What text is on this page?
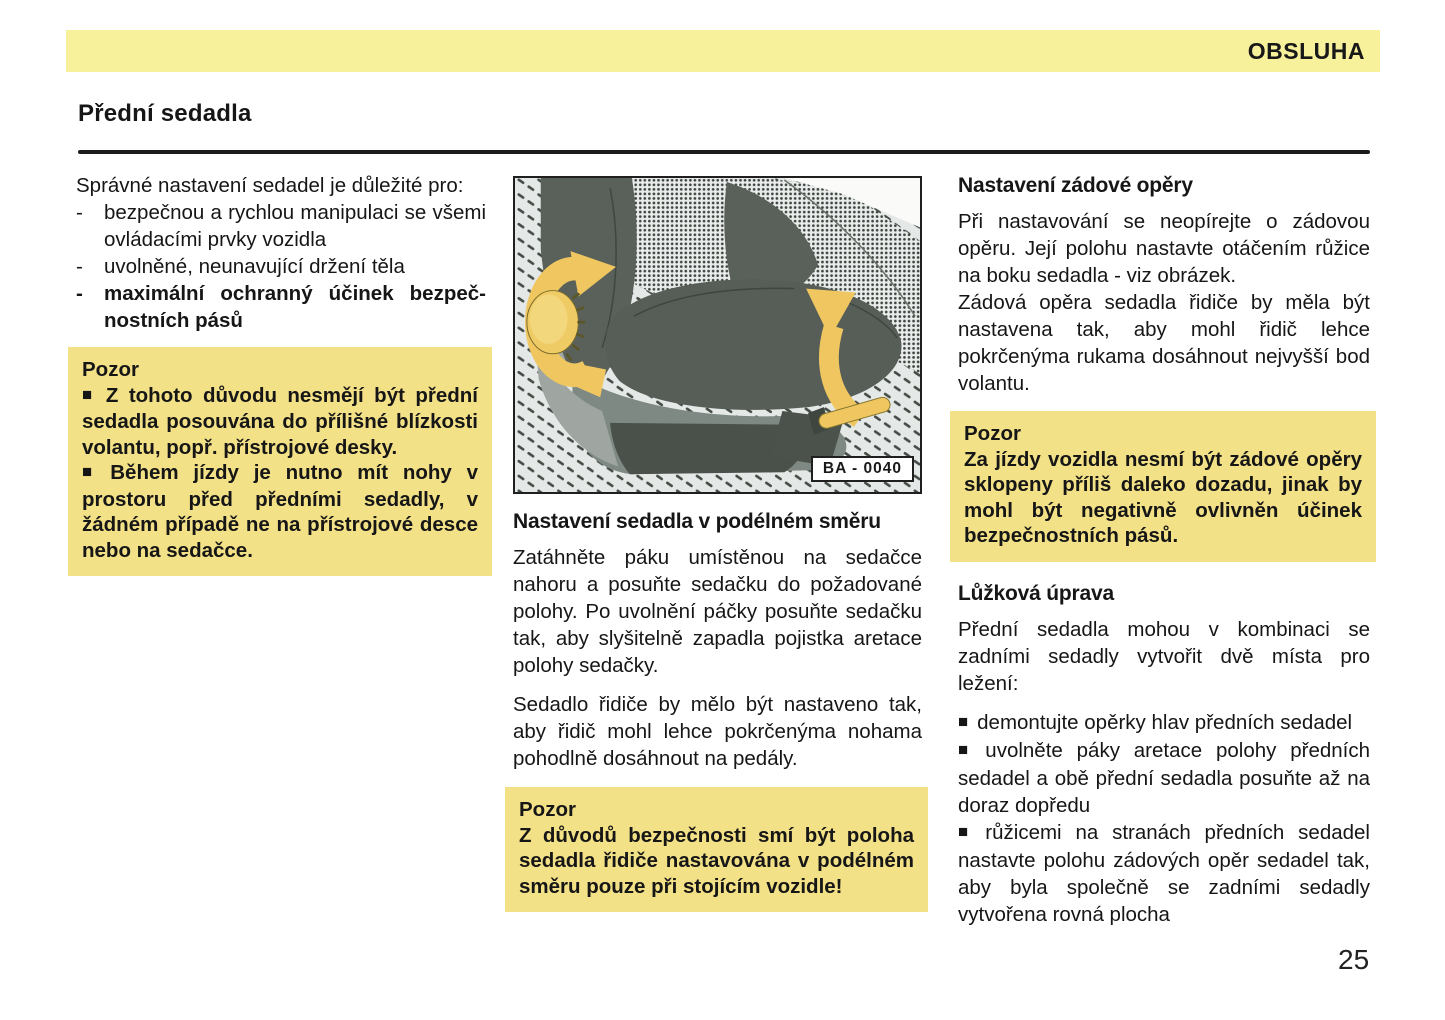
OBSLUHA
Přední sedadla

Správné nastavení sedadel je důležité pro:

-	bezpečnou a rychlou manipulaci se všemi ovládacími prvky vozidla
-	uvolněné, neunavující držení těla
-	maximální ochranný účinek bezpečnostních pásů
Pozor

■ Z tohoto důvodu nesmějí být přední sedadla posouvána do přílišné blízkosti volantu, popř. přístrojové desky.

■ Během jízdy je nutno mít nohy v prostoru před předními sedadly, v žádném případě ne na přístrojové desce nebo na sedačce.

BA - 0040
Nastavení sedadla v podélném směru

Zatáhněte páku umístěnou na sedačce nahoru a posuňte sedačku do požadované polohy. Po uvolnění páčky posuňte sedačku tak, aby slyšitelně zapadla pojistka aretace polohy sedačky.

Sedadlo řidiče by mělo být nastaveno tak, aby řidič mohl lehce pokrčenýma nohama pohodlně dosáhnout na pedály.

Pozor

Z důvodů bezpečnosti smí být poloha sedadla řidiče nastavována v podélném směru pouze při stojícím vozidle!

Nastavení zádové opěry

Při nastavování se neopírejte o zádovou opěru. Její polohu nastavte otáčením růžice na boku sedadla - viz obrázek.

Zádová opěra sedadla řidiče by měla být nastavena tak, aby mohl řidič lehce pokrčenýma rukama dosáhnout nejvyšší bod volantu.

Pozor

Za jízdy vozidla nesmí být zádové opěry sklopeny příliš daleko dozadu, jinak by mohl být negativně ovlivněn účinek bezpečnostních pásů.

Lůžková úprava

Přední sedadla mohou v kombinaci se zadními sedadly vytvořit dvě místa pro ležení:

■ demontujte opěrky hlav předních sedadel

■ uvolněte páky aretace polohy předních sedadel a obě přední sedadla posuňte až na doraz dopředu

■ růžicemi na stranách předních sedadel nastavte polohu zádových opěr sedadel tak, aby byla společně se zadními sedadly vytvořena rovná plocha

25
